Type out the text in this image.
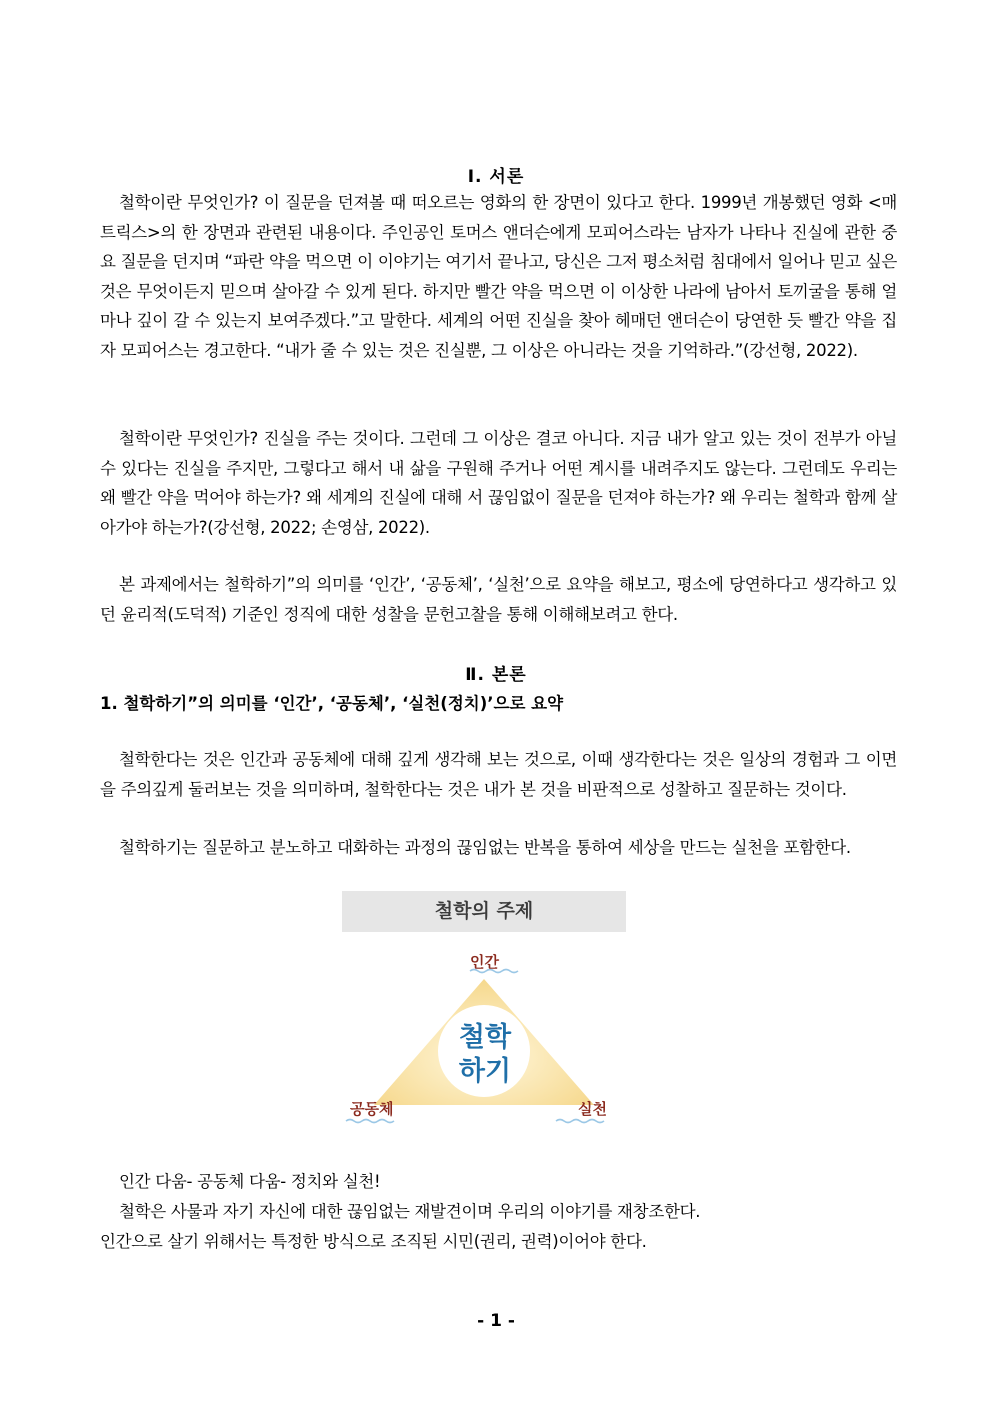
Ⅰ. 서론
철학이란 무엇인가? 이 질문을 던져볼 때 떠오르는 영화의 한 장면이 있다고 한다. 1999년 개봉했던 영화 <매트릭스>의 한 장면과 관련된 내용이다. 주인공인 토머스 앤더슨에게 모피어스라는 남자가 나타나 진실에 관한 중요 질문을 던지며 “파란 약을 먹으면 이 이야기는 여기서 끝나고, 당신은 그저 평소처럼 침대에서 일어나 믿고 싶은 것은 무엇이든지 믿으며 살아갈 수 있게 된다. 하지만 빨간 약을 먹으면 이 이상한 나라에 남아서 토끼굴을 통해 얼마나 깊이 갈 수 있는지 보여주겠다.”고 말한다. 세계의 어떤 진실을 찾아 헤매던 앤더슨이 당연한 듯 빨간 약을 집자 모피어스는 경고한다. “내가 줄 수 있는 것은 진실뿐, 그 이상은 아니라는 것을 기억하라.”(강선형, 2022).
철학이란 무엇인가? 진실을 주는 것이다. 그런데 그 이상은 결코 아니다. 지금 내가 알고 있는 것이 전부가 아닐 수 있다는 진실을 주지만, 그렇다고 해서 내 삶을 구원해 주거나 어떤 계시를 내려주지도 않는다. 그런데도 우리는 왜 빨간 약을 먹어야 하는가? 왜 세계의 진실에 대해 서 끊임없이 질문을 던져야 하는가? 왜 우리는 철학과 함께 살아가야 하는가?(강선형, 2022; 손영삼, 2022).
본 과제에서는 철학하기”의 의미를 ‘인간’, ‘공동체’, ‘실천’으로 요약을 해보고, 평소에 당연하다고 생각하고 있던 윤리적(도덕적) 기준인 정직에 대한 성찰을 문헌고찰을 통해 이해해보려고 한다.
Ⅱ. 본론
1. 철학하기”의 의미를 ‘인간’, ‘공동체’, ‘실천(정치)’으로 요약
철학한다는 것은 인간과 공동체에 대해 깊게 생각해 보는 것으로, 이때 생각한다는 것은 일상의 경험과 그 이면을 주의깊게 둘러보는 것을 의미하며, 철학한다는 것은 내가 본 것을 비판적으로 성찰하고 질문하는 것이다.
철학하기는 질문하고 분노하고 대화하는 과정의 끊임없는 반복을 통하여 세상을 만드는 실천을 포함한다.
철학의 주제
인간
공동체	실천
철학
하기
인간 다움- 공동체 다움- 정치와 실천!
철학은 사물과 자기 자신에 대한 끊임없는 재발견이며 우리의 이야기를 재창조한다.
인간으로 살기 위해서는 특정한 방식으로 조직된 시민(권리, 권력)이어야 한다.
- 1 -
